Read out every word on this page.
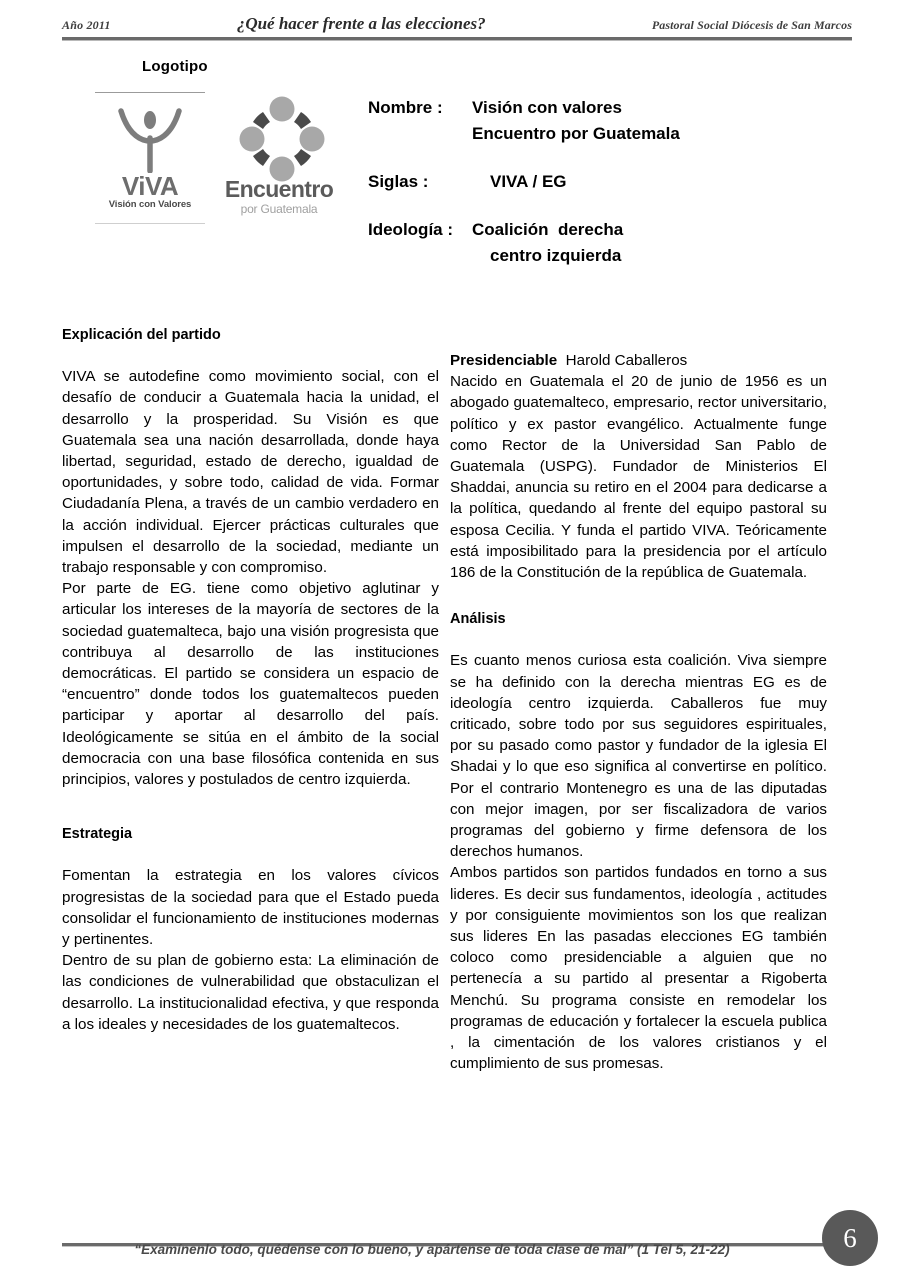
Año 2011	¿Qué hacer frente a las elecciones?	Pastoral Social Diócesis de San Marcos
Logotipo
ViVA
Visión con Valores
Encuentro
por Guatemala
Nombre :	Visión con valores
Encuentro por Guatemala
Siglas :	VIVA / EG
Ideología :	Coalición  derecha
centro izquierda
Explicación del partido

VIVA se autodefine como movimiento social, con el desafío de conducir a Guatemala hacia la unidad, el desarrollo y la prosperidad. Su Visión es que Guatemala sea una nación desarrollada, donde haya libertad, seguridad, estado de derecho, igualdad de oportunidades, y sobre todo, calidad de vida. Formar Ciudadanía Plena, a través de un cambio verdadero en la acción individual. Ejercer prácticas culturales que impulsen el desarrollo de la sociedad, mediante un trabajo responsable y con compromiso.

Por parte de EG. tiene como objetivo aglutinar y articular los intereses de la mayoría de sectores de la sociedad guatemalteca, bajo una visión progresista que contribuya al desarrollo de las instituciones democráticas. El partido se considera un espacio de “encuentro” donde todos los guatemaltecos pueden participar y aportar al desarrollo del país. Ideológicamente se sitúa en el ámbito de la social democracia con una base filosófica contenida en sus principios, valores y postulados de centro izquierda.

Estrategia

Fomentan la estrategia en los valores cívicos progresistas de la sociedad para que el Estado pueda consolidar el funcionamiento de instituciones modernas y pertinentes.

Dentro de su plan de gobierno esta: La eliminación de las condiciones de vulnerabilidad que obstaculizan el desarrollo. La institucionalidad efectiva, y que responda a los ideales y necesidades de los guatemaltecos.

Presidenciable Harold Caballeros

Nacido en Guatemala el 20 de junio de 1956 es un abogado guatemalteco, empresario, rector universitario, político y ex pastor evangélico. Actualmente funge como Rector de la Universidad San Pablo de Guatemala (USPG). Fundador de Ministerios El Shaddai, anuncia su retiro en el 2004 para dedicarse a la política, quedando al frente del equipo pastoral su esposa Cecilia. Y funda el partido VIVA. Teóricamente está imposibilitado para la presidencia por el artículo 186 de la Constitución de la república de Guatemala.

Análisis

Es cuanto menos curiosa esta coalición. Viva siempre se ha definido con la derecha mientras EG es de ideología centro izquierda. Caballeros fue muy criticado, sobre todo por sus seguidores espirituales, por su pasado como pastor y fundador de la iglesia El Shadai y lo que eso significa al convertirse en político. Por el contrario Montenegro es una de las diputadas con mejor imagen, por ser fiscalizadora de varios programas del gobierno y firme defensora de los derechos humanos.

Ambos partidos son partidos fundados en torno a sus lideres. Es decir sus fundamentos, ideología , actitudes y por consiguiente movimientos son los que realizan sus lideres En las pasadas elecciones EG también coloco como presidenciable a alguien que no pertenecía a su partido al presentar a Rigoberta Menchú. Su programa consiste en remodelar los programas de educación y fortalecer la escuela publica , la cimentación de los valores cristianos y el cumplimiento de sus promesas.

“Examínenlo todo, quédense con lo bueno, y apártense de toda clase de mal” (1 Tel 5, 21-22)	6
